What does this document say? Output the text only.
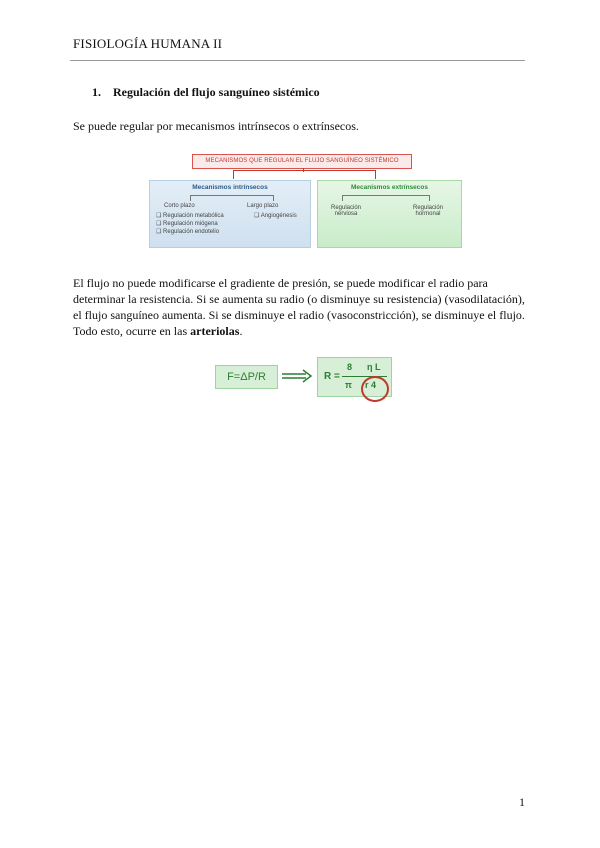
FISIOLOGÍA HUMANA II
1. Regulación del flujo sanguíneo sistémico
Se puede regular por mecanismos intrínsecos o extrínsecos.
MECANISMOS QUE REGULAN EL FLUJO SANGUÍNEO SISTÉMICO
Mecanismos intrínsecos
Corto plazo	Largo plazo
❑ Regulación metabólica
❑ Regulación miógena
❑ Regulación endotelio
❑ Angiogénesis
Mecanismos extrínsecos
Regulación nerviosa
Regulación hormonal
El flujo no puede modificarse el gradiente de presión, se puede modificar el radio para determinar la resistencia. Si se aumenta su radio (o disminuye su resistencia) (vasodilatación), el flujo sanguíneo aumenta. Si se disminuye el radio (vasoconstricción), se disminuye el flujo. Todo esto, ocurre en las arteriolas.
F=ΔP/R	R =
8 η L
π r 4
1
